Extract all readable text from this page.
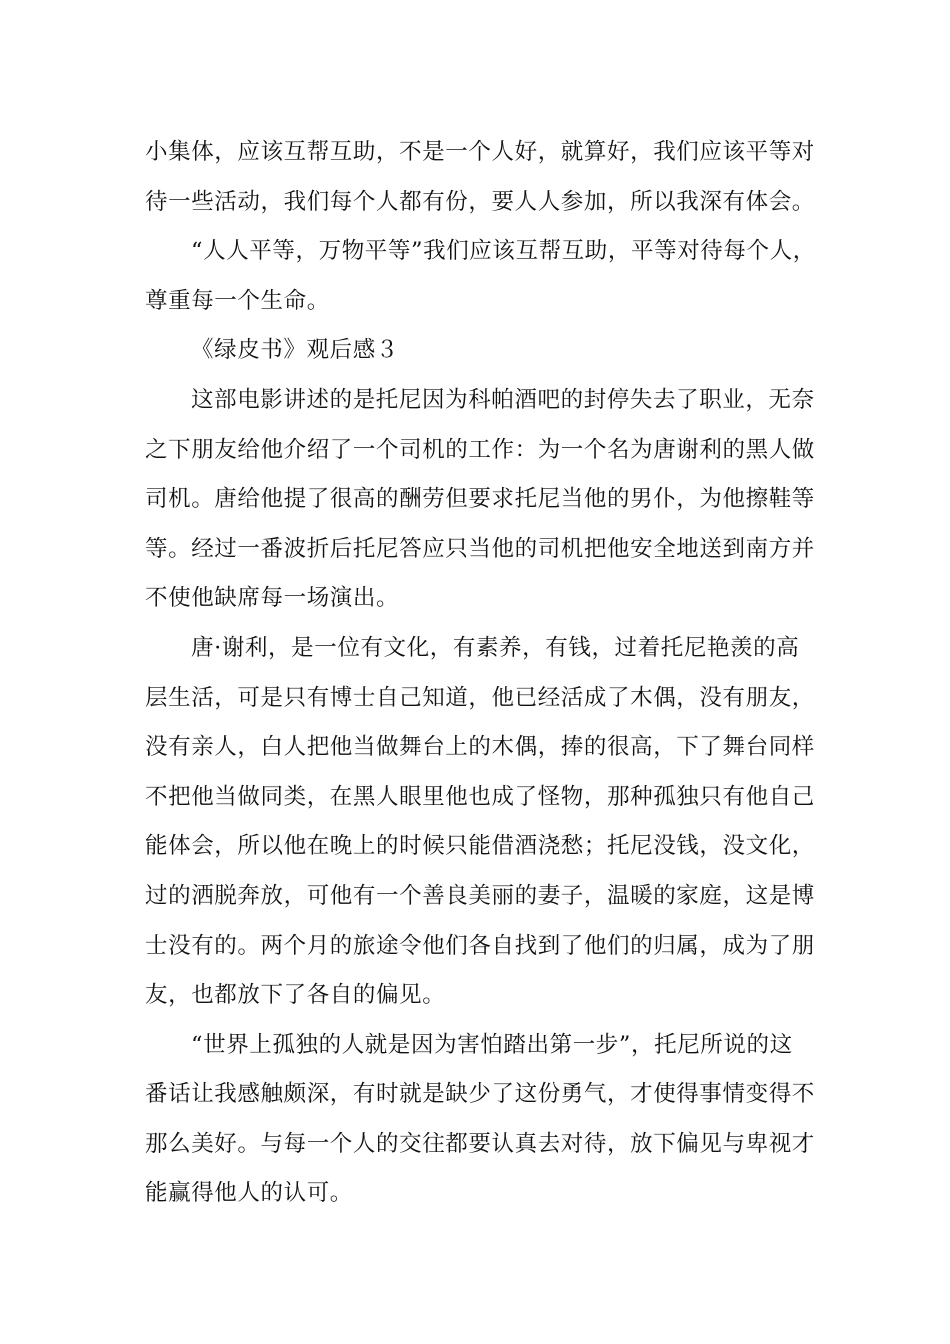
小集体，应该互帮互助，不是一个人好，就算好，我们应该平等对
待一些活动，我们每个人都有份，要人人参加，所以我深有体会。
“人人平等，万物平等”我们应该互帮互助，平等对待每个人，
尊重每一个生命。
《绿皮书》观后感３
这部电影讲述的是托尼因为科帕酒吧的封停失去了职业，无奈
之下朋友给他介绍了一个司机的工作：为一个名为唐谢利的黑人做
司机。唐给他提了很高的酬劳但要求托尼当他的男仆，为他擦鞋等
等。经过一番波折后托尼答应只当他的司机把他安全地送到南方并
不使他缺席每一场演出。
唐·谢利，是一位有文化，有素养，有钱，过着托尼艳羡的高
层生活，可是只有博士自己知道，他已经活成了木偶，没有朋友，
没有亲人，白人把他当做舞台上的木偶，捧的很高，下了舞台同样
不把他当做同类，在黑人眼里他也成了怪物，那种孤独只有他自己
能体会，所以他在晚上的时候只能借酒浇愁；托尼没钱，没文化，
过的洒脱奔放，可他有一个善良美丽的妻子，温暖的家庭，这是博
士没有的。两个月的旅途令他们各自找到了他们的归属，成为了朋
友，也都放下了各自的偏见。
“世界上孤独的人就是因为害怕踏出第一步”，托尼所说的这
番话让我感触颇深，有时就是缺少了这份勇气，才使得事情变得不
那么美好。与每一个人的交往都要认真去对待，放下偏见与卑视才
能赢得他人的认可。
